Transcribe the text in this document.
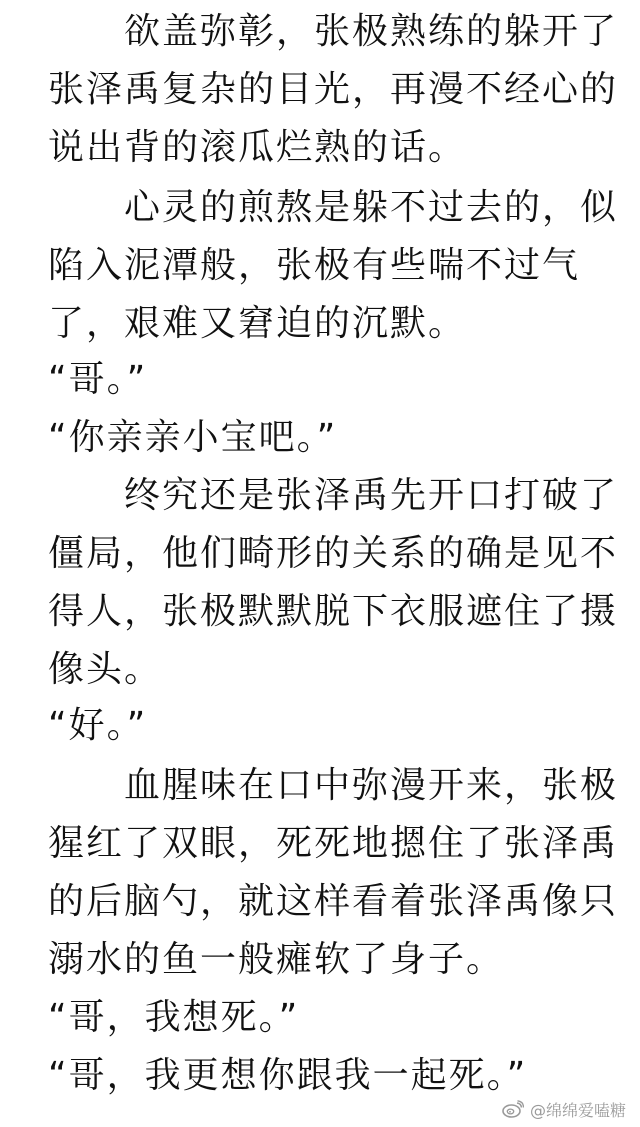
　　欲盖弥彰，张极熟练的躲开了
张泽禹复杂的目光，再漫不经心的
说出背的滚瓜烂熟的话。
　　心灵的煎熬是躲不过去的，似
陷入泥潭般，张极有些喘不过气
了，艰难又窘迫的沉默。
“哥。”
“你亲亲小宝吧。”
　　终究还是张泽禹先开口打破了
僵局，他们畸形的关系的确是见不
得人，张极默默脱下衣服遮住了摄
像头。
“好。”
　　血腥味在口中弥漫开来，张极
猩红了双眼，死死地摁住了张泽禹
的后脑勺，就这样看着张泽禹像只
溺水的鱼一般瘫软了身子。
“哥，我想死。”
“哥，我更想你跟我一起死。”
@绵绵爱嗑糖
